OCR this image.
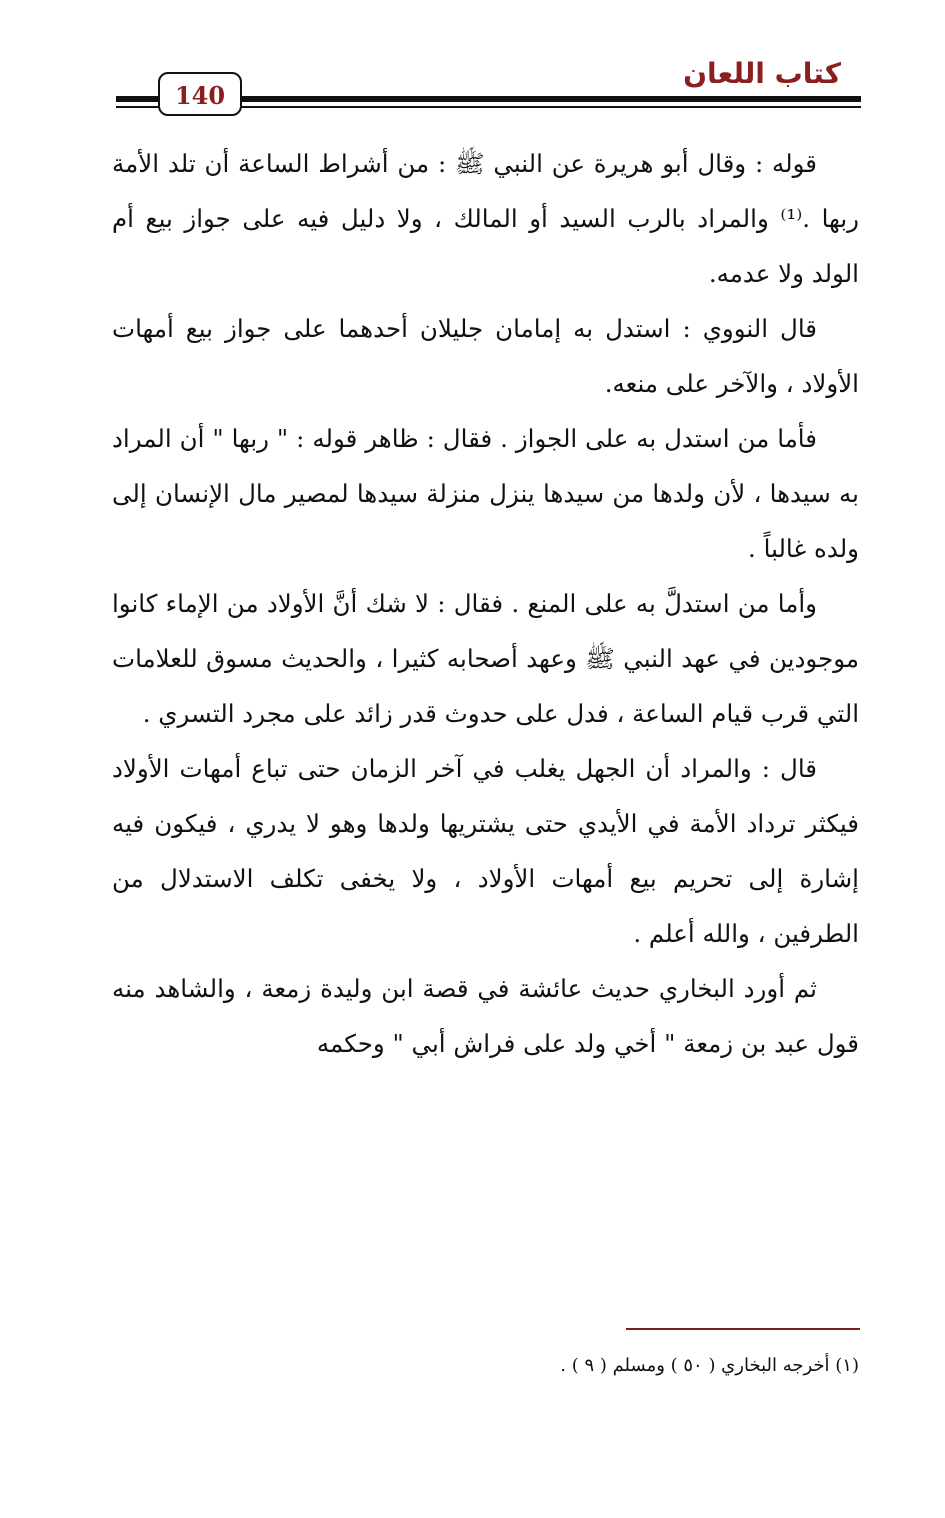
كتاب اللعان
140

قوله : وقال أبو هريرة عن النبي ﷺ : من أشراط الساعة أن تلد الأمة ربها .⁽¹⁾ والمراد بالرب السيد أو المالك ، ولا دليل فيه على جواز بيع أم الولد ولا عدمه.

قال النووي : استدل به إمامان جليلان أحدهما على جواز بيع أمهات الأولاد ، والآخر على منعه.

فأما من استدل به على الجواز . فقال : ظاهر قوله : " ربها " أن المراد به سيدها ، لأن ولدها من سيدها ينزل منزلة سيدها لمصير مال الإنسان إلى ولده غالباً .

وأما من استدلَّ به على المنع . فقال : لا شك أنَّ الأولاد من الإماء كانوا موجودين في عهد النبي ﷺ وعهد أصحابه كثيرا ، والحديث مسوق للعلامات التي قرب قيام الساعة ، فدل على حدوث قدر زائد على مجرد التسري .

قال : والمراد أن الجهل يغلب في آخر الزمان حتى تباع أمهات الأولاد فيكثر ترداد الأمة في الأيدي حتى يشتريها ولدها وهو لا يدري ، فيكون فيه إشارة إلى تحريم بيع أمهات الأولاد ، ولا يخفى تكلف الاستدلال من الطرفين ، والله أعلم .

ثم أورد البخاري حديث عائشة في قصة ابن وليدة زمعة ، والشاهد منه قول عبد بن زمعة " أخي ولد على فراش أبي " وحكمه

(١) أخرجه البخاري ( ٥٠ ) ومسلم ( ٩ ) .
